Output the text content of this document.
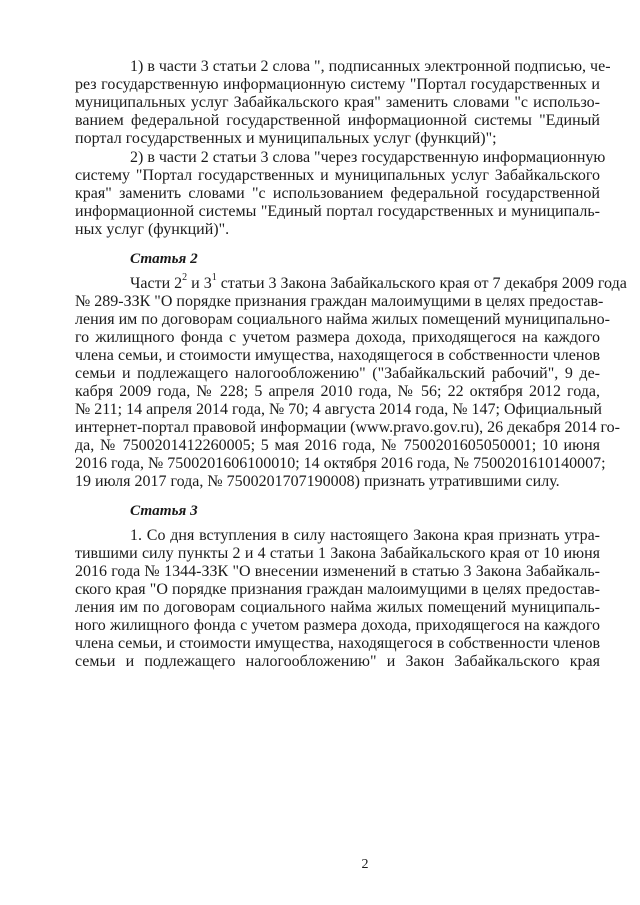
1) в части 3 статьи 2 слова ", подписанных электронной подписью, че-
рез государственную информационную систему "Портал государственных и
муниципальных услуг Забайкальского края" заменить словами "с использо-
ванием федеральной государственной информационной системы "Единый
портал государственных и муниципальных услуг (функций)";
2) в части 2 статьи 3 слова "через государственную информационную
систему "Портал государственных и муниципальных услуг Забайкальского
края" заменить словами "с использованием федеральной государственной
информационной системы "Единый портал государственных и муниципаль-
ных услуг (функций)".
Статья 2
Части $2^2$ и $3^1$ статьи 3 Закона Забайкальского края от 7 декабря 2009 года
№ 289-ЗЗК "О порядке признания граждан малоимущими в целях предостав-
ления им по договорам социального найма жилых помещений муниципально-
го жилищного фонда с учетом размера дохода, приходящегося на каждого
члена семьи, и стоимости имущества, находящегося в собственности членов
семьи и подлежащего налогообложению" ("Забайкальский рабочий", 9 де-
кабря 2009 года, № 228; 5 апреля 2010 года, № 56; 22 октября 2012 года,
№ 211; 14 апреля 2014 года, № 70; 4 августа 2014 года, № 147; Официальный
интернет-портал правовой информации (www.pravo.gov.ru), 26 декабря 2014 го-
да, № 7500201412260005; 5 мая 2016 года, № 7500201605050001; 10 июня
2016 года, № 7500201606100010; 14 октября 2016 года, № 7500201610140007;
19 июля 2017 года, № 7500201707190008) признать утратившими силу.
Статья 3
1. Со дня вступления в силу настоящего Закона края признать утра-
тившими силу пункты 2 и 4 статьи 1 Закона Забайкальского края от 10 июня
2016 года № 1344-ЗЗК "О внесении изменений в статью 3 Закона Забайкаль-
ского края "О порядке признания граждан малоимущими в целях предостав-
ления им по договорам социального найма жилых помещений муниципаль-
ного жилищного фонда с учетом размера дохода, приходящегося на каждого
члена семьи, и стоимости имущества, находящегося в собственности членов
семьи и подлежащего налогообложению" и Закон Забайкальского края
2
